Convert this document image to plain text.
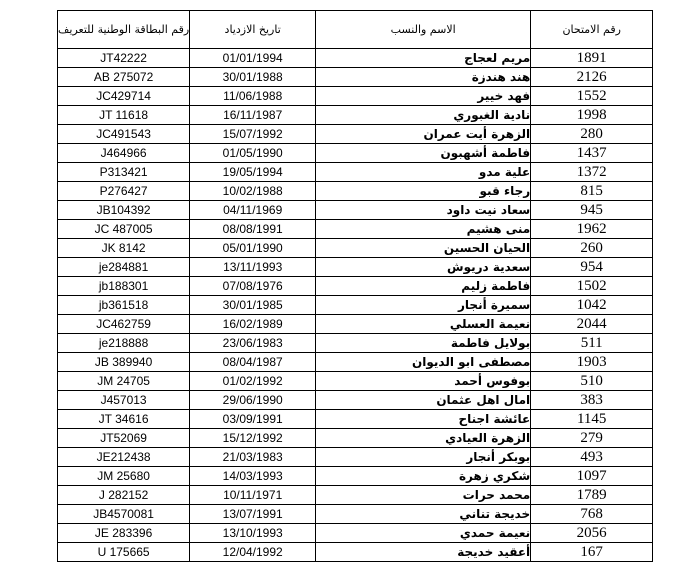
رقم الامتحان	الاسم والنسب	تاريخ الازدياد	رقم البطاقة الوطنية للتعريف
1891	مريم لعجاج	01/01/1994	JT42222
2126	هند هندزة	30/01/1988	AB 275072
1552	فهد خيير	11/06/1988	JC429714
1998	نادية الغبوري	16/11/1987	JT 11618
280	الزهرة أيت عمران	15/07/1992	JC491543
1437	فاطمة أشهبون	01/05/1990	J464966
1372	علية مدو	19/05/1994	P313421
815	رجاء قبو	10/02/1988	P276427
945	سعاد نيت داود	04/11/1969	JB104392
1962	منى هشيم	08/08/1991	JC 487005
260	الحيان الحسين	05/01/1990	JK 8142
954	سعدية دريوش	13/11/1993	je284881
1502	فاطمة زليم	07/08/1976	jb188301
1042	سميرة أنجار	30/01/1985	jb361518
2044	نعيمة العسلي	16/02/1989	JC462759
511	بولايل فاطمة	23/06/1983	je218888
1903	مصطفى ابو الديوان	08/04/1987	JB 389940
510	بوفوس أحمد	01/02/1992	JM 24705
383	امال اهل عثمان	29/06/1990	J457013
1145	عائشة اجناح	03/09/1991	JT 34616
279	الزهرة العيادي	15/12/1992	JT52069
493	بوبكر أنجار	21/03/1983	JE212438
1097	شكري زهرة	14/03/1993	JM 25680
1789	محمد حرات	10/11/1971	J 282152
768	خديجة تناني	13/07/1991	JB4570081
2056	نعيمة حمدي	13/10/1993	JE 283396
167	أعقيد خديجة	12/04/1992	U 175665
